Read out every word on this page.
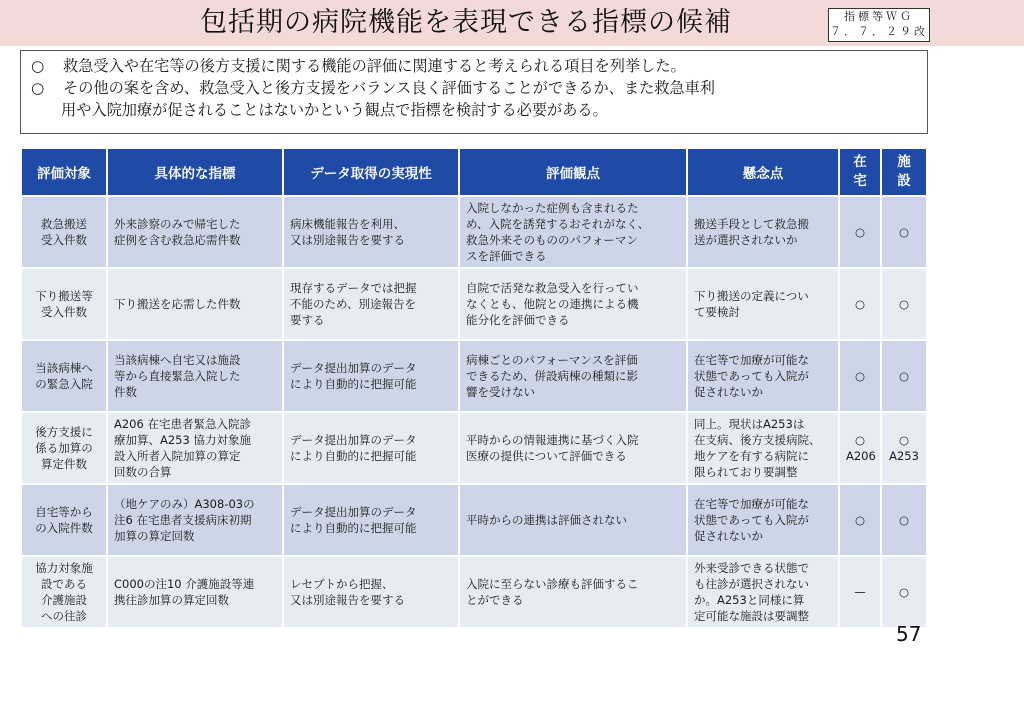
包括期の病院機能を表現できる指標の候補	指標等ＷＧ
７．７．２９改
○ 救急受入や在宅等の後方支援に関する機能の評価に関連すると考えられる項目を列挙した。
○ その他の案を含め、救急受入と後方支援をバランス良く評価することができるか、また救急車利
用や入院加療が促されることはないかという観点で指標を検討する必要がある。
評価対象	具体的な指標	データ取得の実現性	評価観点	懸念点	在
宅	施
設
救急搬送
受入件数	外来診察のみで帰宅した
症例を含む救急応需件数	病床機能報告を利用、
又は別途報告を要する	入院しなかった症例も含まれるた
め、入院を誘発するおそれがなく、
救急外来そのもののパフォーマン
スを評価できる	搬送手段として救急搬
送が選択されないか	○	○
下り搬送等
受入件数	下り搬送を応需した件数	現存するデータでは把握
不能のため、別途報告を
要する	自院で活発な救急受入を行ってい
なくとも、他院との連携による機
能分化を評価できる	下り搬送の定義につい
て要検討	○	○
当該病棟へ
の緊急入院	当該病棟へ自宅又は施設
等から直接緊急入院した
件数	データ提出加算のデータ
により自動的に把握可能	病棟ごとのパフォーマンスを評価
できるため、併設病棟の種類に影
響を受けない	在宅等で加療が可能な
状態であっても入院が
促されないか	○	○
後方支援に
係る加算の
算定件数	A206 在宅患者緊急入院診
療加算、A253 協力対象施
設入所者入院加算の算定
回数の合算	データ提出加算のデータ
により自動的に把握可能	平時からの情報連携に基づく入院
医療の提供について評価できる	同上。現状はA253は
在支病、後方支援病院、
地ケアを有する病院に
限られており要調整	○
A206	○
A253
自宅等から
の入院件数	（地ケアのみ）A308-03の
注6 在宅患者支援病床初期
加算の算定回数	データ提出加算のデータ
により自動的に把握可能	平時からの連携は評価されない	在宅等で加療が可能な
状態であっても入院が
促されないか	○	○
協力対象施
設である
介護施設
への往診	C000の注10 介護施設等連
携往診加算の算定回数	レセプトから把握、
又は別途報告を要する	入院に至らない診療も評価するこ
とができる	外来受診できる状態で
も往診が選択されない
か。A253と同様に算
定可能な施設は要調整	—	○
57
